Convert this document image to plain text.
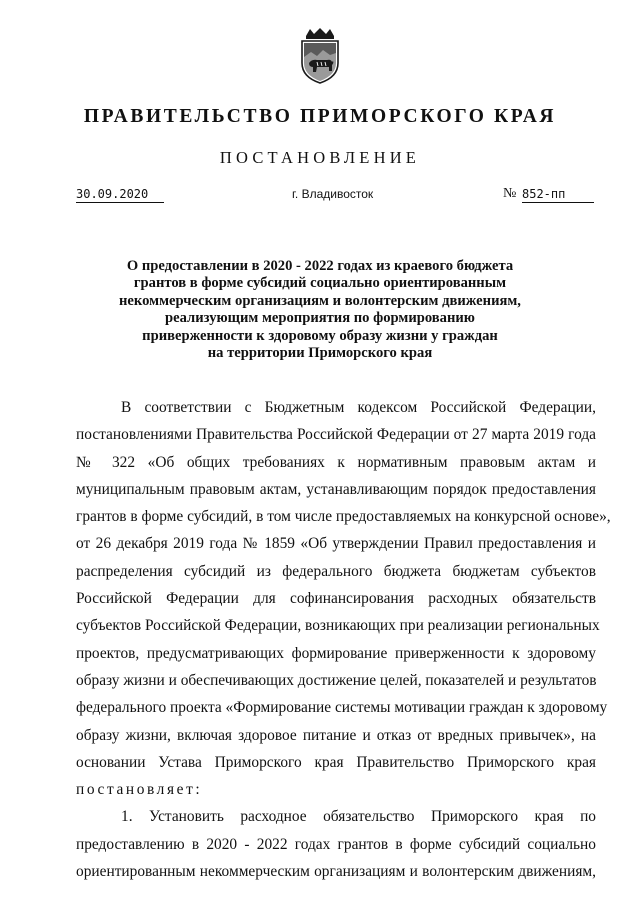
ПРАВИТЕЛЬСТВО ПРИМОРСКОГО КРАЯ
ПОСТАНОВЛЕНИЕ
30.09.2020	г. Владивосток	№ 852-пп
О предоставлении в 2020 - 2022 годах из краевого бюджета
грантов в форме субсидий социально ориентированным
некоммерческим организациям и волонтерским движениям,
реализующим мероприятия по формированию
приверженности к здоровому образу жизни у граждан
на территории Приморского края
В соответствии с Бюджетным кодексом Российской Федерации,
постановлениями Правительства Российской Федерации от 27 марта 2019 года
№ 322 «Об общих требованиях к нормативным правовым актам и
муниципальным правовым актам, устанавливающим порядок предоставления
грантов в форме субсидий, в том числе предоставляемых на конкурсной основе»,
от 26 декабря 2019 года № 1859 «Об утверждении Правил предоставления и
распределения субсидий из федерального бюджета бюджетам субъектов
Российской Федерации для софинансирования расходных обязательств
субъектов Российской Федерации, возникающих при реализации региональных
проектов, предусматривающих формирование приверженности к здоровому
образу жизни и обеспечивающих достижение целей, показателей и результатов
федерального проекта «Формирование системы мотивации граждан к здоровому
образу жизни, включая здоровое питание и отказ от вредных привычек», на
основании Устава Приморского края Правительство Приморского края
постановляет:
1. Установить расходное обязательство Приморского края по
предоставлению в 2020 - 2022 годах грантов в форме субсидий социально
ориентированным некоммерческим организациям и волонтерским движениям,
